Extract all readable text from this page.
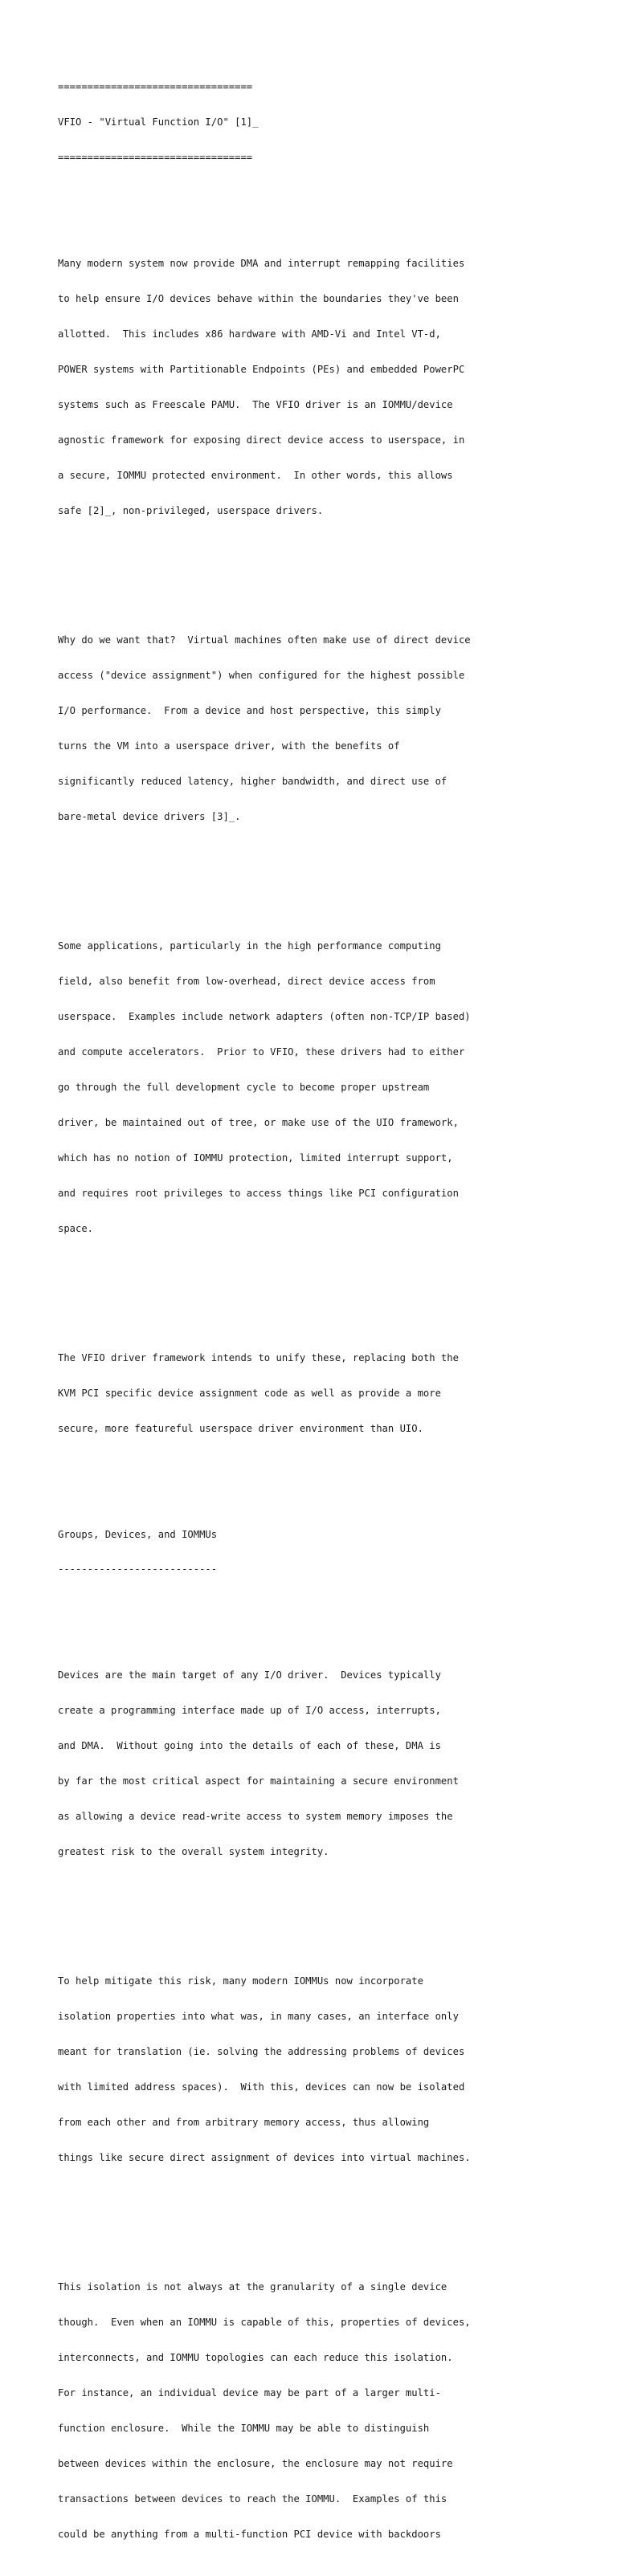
=================================

VFIO - "Virtual Function I/O" [1]_

=================================

Many modern system now provide DMA and interrupt remapping facilities

to help ensure I/O devices behave within the boundaries they've been

allotted.  This includes x86 hardware with AMD-Vi and Intel VT-d,

POWER systems with Partitionable Endpoints (PEs) and embedded PowerPC

systems such as Freescale PAMU.  The VFIO driver is an IOMMU/device

agnostic framework for exposing direct device access to userspace, in

a secure, IOMMU protected environment.  In other words, this allows

safe [2]_, non-privileged, userspace drivers.

Why do we want that?  Virtual machines often make use of direct device

access ("device assignment") when configured for the highest possible

I/O performance.  From a device and host perspective, this simply

turns the VM into a userspace driver, with the benefits of

significantly reduced latency, higher bandwidth, and direct use of

bare-metal device drivers [3]_.

Some applications, particularly in the high performance computing

field, also benefit from low-overhead, direct device access from

userspace.  Examples include network adapters (often non-TCP/IP based)

and compute accelerators.  Prior to VFIO, these drivers had to either

go through the full development cycle to become proper upstream

driver, be maintained out of tree, or make use of the UIO framework,

which has no notion of IOMMU protection, limited interrupt support,

and requires root privileges to access things like PCI configuration

space.

The VFIO driver framework intends to unify these, replacing both the

KVM PCI specific device assignment code as well as provide a more

secure, more featureful userspace driver environment than UIO.

Groups, Devices, and IOMMUs

---------------------------

Devices are the main target of any I/O driver.  Devices typically

create a programming interface made up of I/O access, interrupts,

and DMA.  Without going into the details of each of these, DMA is

by far the most critical aspect for maintaining a secure environment

as allowing a device read-write access to system memory imposes the

greatest risk to the overall system integrity.

To help mitigate this risk, many modern IOMMUs now incorporate

isolation properties into what was, in many cases, an interface only

meant for translation (ie. solving the addressing problems of devices

with limited address spaces).  With this, devices can now be isolated

from each other and from arbitrary memory access, thus allowing

things like secure direct assignment of devices into virtual machines.

This isolation is not always at the granularity of a single device

though.  Even when an IOMMU is capable of this, properties of devices,

interconnects, and IOMMU topologies can each reduce this isolation.

For instance, an individual device may be part of a larger multi-

function enclosure.  While the IOMMU may be able to distinguish

between devices within the enclosure, the enclosure may not require

transactions between devices to reach the IOMMU.  Examples of this

could be anything from a multi-function PCI device with backdoors
